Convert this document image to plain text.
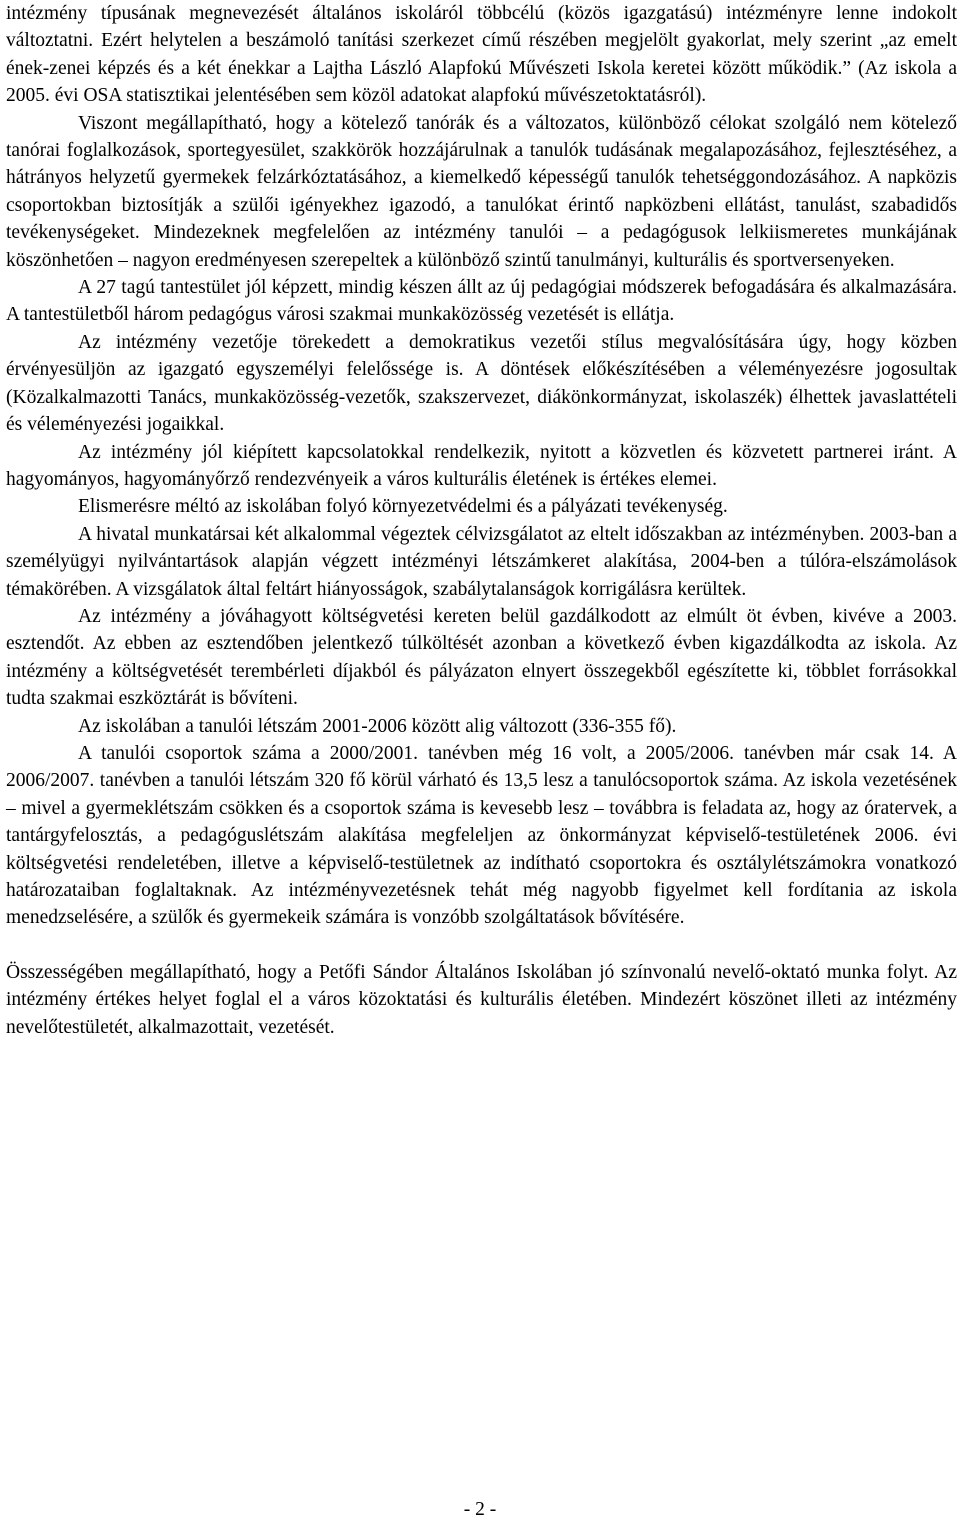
intézmény típusának megnevezését általános iskoláról többcélú (közös igazgatású) intézményre lenne indokolt változtatni. Ezért helytelen a beszámoló tanítási szerkezet című részében megjelölt gyakorlat, mely szerint „az emelt ének-zenei képzés és a két énekkar a Lajtha László Alapfokú Művészeti Iskola keretei között működik.” (Az iskola a 2005. évi OSA statisztikai jelentésében sem közöl adatokat alapfokú művészetoktatásról).

Viszont megállapítható, hogy a kötelező tanórák és a változatos, különböző célokat szolgáló nem kötelező tanórai foglalkozások, sportegyesület, szakkörök hozzájárulnak a tanulók tudásának megalapozásához, fejlesztéséhez, a hátrányos helyzetű gyermekek felzárkóztatásához, a kiemelkedő képességű tanulók tehetséggondozásához. A napközis csoportokban biztosítják a szülői igényekhez igazodó, a tanulókat érintő napközbeni ellátást, tanulást, szabadidős tevékenységeket. Mindezeknek megfelelően az intézmény tanulói – a pedagógusok lelkiismeretes munkájának köszönhetően – nagyon eredményesen szerepeltek a különböző szintű tanulmányi, kulturális és sportversenyeken.

A 27 tagú tantestület jól képzett, mindig készen állt az új pedagógiai módszerek befogadására és alkalmazására. A tantestületből három pedagógus városi szakmai munkaközösség vezetését is ellátja.

Az intézmény vezetője törekedett a demokratikus vezetői stílus megvalósítására úgy, hogy közben érvényesüljön az igazgató egyszemélyi felelőssége is. A döntések előkészítésében a véleményezésre jogosultak (Közalkalmazotti Tanács, munkaközösség-vezetők, szakszervezet, diákönkormányzat, iskolaszék) élhettek javaslattételi és véleményezési jogaikkal.

Az intézmény jól kiépített kapcsolatokkal rendelkezik, nyitott a közvetlen és közvetett partnerei iránt. A hagyományos, hagyományőrző rendezvényeik a város kulturális életének is értékes elemei.

Elismerésre méltó az iskolában folyó környezetvédelmi és a pályázati tevékenység.

A hivatal munkatársai két alkalommal végeztek célvizsgálatot az eltelt időszakban az intézményben. 2003-ban a személyügyi nyilvántartások alapján végzett intézményi létszámkeret alakítása, 2004-ben a túlóra-elszámolások témakörében. A vizsgálatok által feltárt hiányosságok, szabálytalanságok korrigálásra kerültek.

Az intézmény a jóváhagyott költségvetési kereten belül gazdálkodott az elmúlt öt évben, kivéve a 2003. esztendőt. Az ebben az esztendőben jelentkező túlköltését azonban a következő évben kigazdálkodta az iskola. Az intézmény a költségvetését terembérleti díjakból és pályázaton elnyert összegekből egészítette ki, többlet forrásokkal tudta szakmai eszköztárát is bővíteni.

Az iskolában a tanulói létszám 2001-2006 között alig változott (336-355 fő).

A tanulói csoportok száma a 2000/2001. tanévben még 16 volt, a 2005/2006. tanévben már csak 14. A 2006/2007. tanévben a tanulói létszám 320 fő körül várható és 13,5 lesz a tanulócsoportok száma. Az iskola vezetésének – mivel a gyermeklétszám csökken és a csoportok száma is kevesebb lesz – továbbra is feladata az, hogy az óratervek, a tantárgyfelosztás, a pedagóguslétszám alakítása megfeleljen az önkormányzat képviselő-testületének 2006. évi költségvetési rendeletében, illetve a képviselő-testületnek az indítható csoportokra és osztálylétszámokra vonatkozó határozataiban foglaltaknak. Az intézményvezetésnek tehát még nagyobb figyelmet kell fordítania az iskola menedzselésére, a szülők és gyermekeik számára is vonzóbb szolgáltatások bővítésére.

Összességében megállapítható, hogy a Petőfi Sándor Általános Iskolában jó színvonalú nevelő-oktató munka folyt. Az intézmény értékes helyet foglal el a város közoktatási és kulturális életében. Mindezért köszönet illeti az intézmény nevelőtestületét, alkalmazottait, vezetését.

- 2 -
